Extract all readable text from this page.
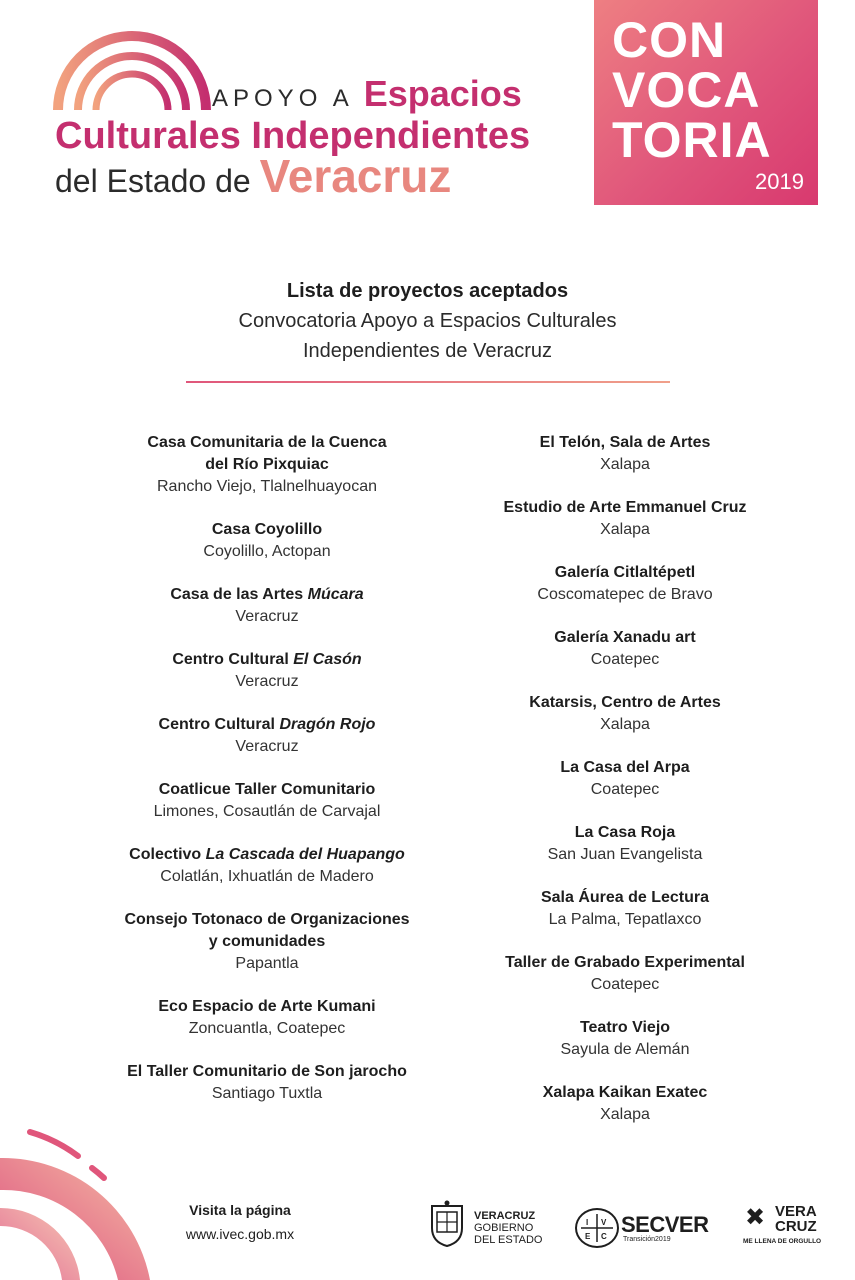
APOYO A Espacios
Culturales Independientes
del Estado de Veracruz
CON
VOCA
TORIA
2019
Lista de proyectos aceptados
Convocatoria Apoyo a Espacios Culturales
Independientes de Veracruz
Casa Comunitaria de la Cuenca
del Río Pixquiac
Rancho Viejo, Tlalnelhuayocan
Casa Coyolillo
Coyolillo, Actopan
Casa de las Artes Múcara
Veracruz
Centro Cultural El Casón
Veracruz
Centro Cultural Dragón Rojo
Veracruz
Coatlicue Taller Comunitario
Limones, Cosautlán de Carvajal
Colectivo La Cascada del Huapango
Colatlán, Ixhuatlán de Madero
Consejo Totonaco de Organizaciones
y comunidades
Papantla
Eco Espacio de Arte Kumani
Zoncuantla, Coatepec
El Taller Comunitario de Son jarocho
Santiago Tuxtla
El Telón, Sala de Artes
Xalapa
Estudio de Arte Emmanuel Cruz
Xalapa
Galería Citlaltépetl
Coscomatepec de Bravo
Galería Xanadu art
Coatepec
Katarsis, Centro de Artes
Xalapa
La Casa del Arpa
Coatepec
La Casa Roja
San Juan Evangelista
Sala Áurea de Lectura
La Palma, Tepatlaxco
Taller de Grabado Experimental
Coatepec
Teatro Viejo
Sayula de Alemán
Xalapa Kaikan Exatec
Xalapa
Visita la página
www.ivec.gob.mx
VERACRUZ
GOBIERNO
DEL ESTADO
I V
E C SECVER
Transición2019
✖ VERA
CRUZ
ME LLENA DE ORGULLO
